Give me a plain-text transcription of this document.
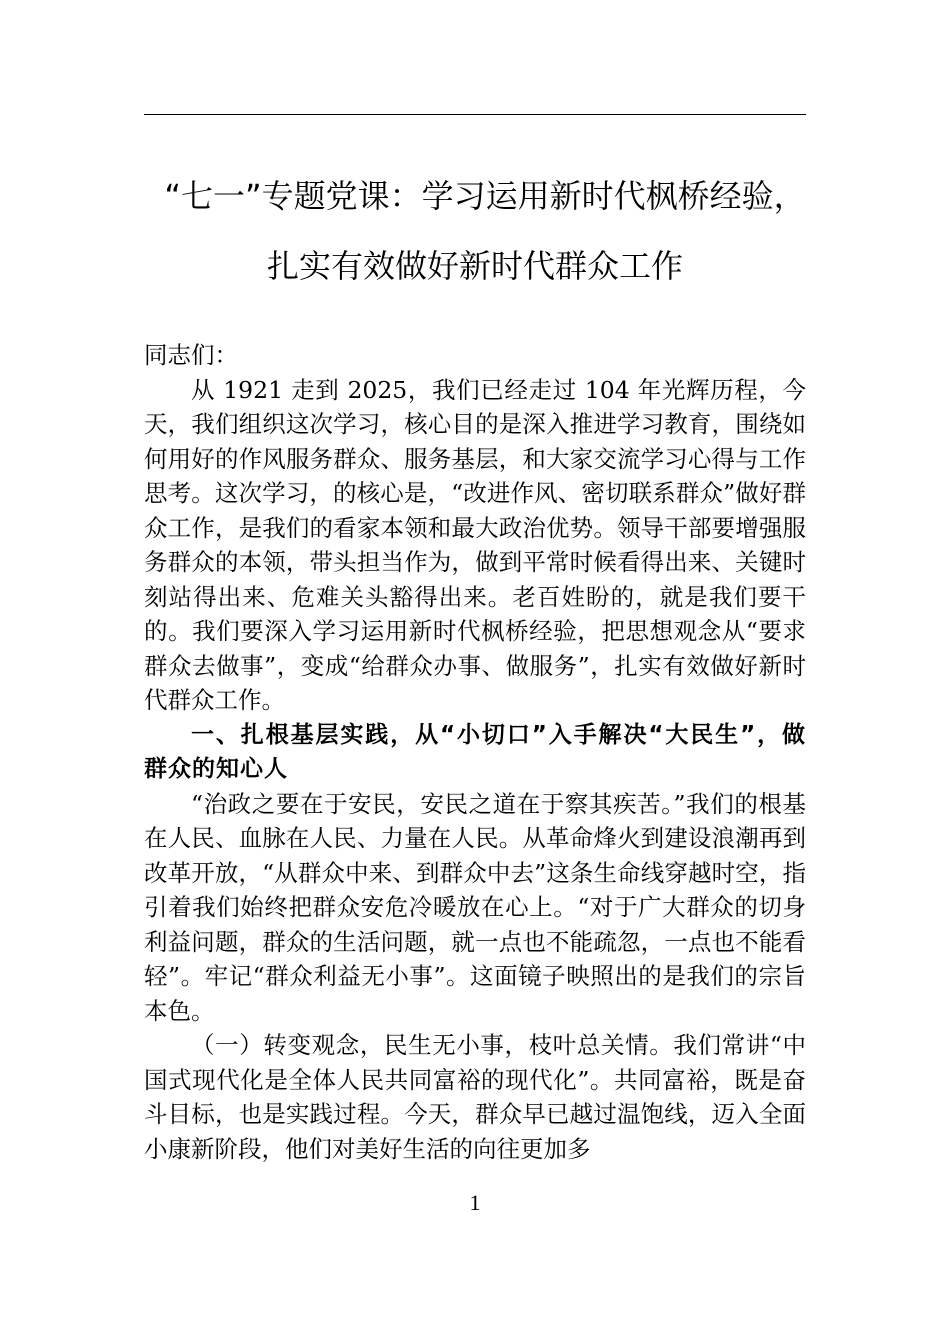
“七一”专题党课：学习运用新时代枫桥经验，
扎实有效做好新时代群众工作

同志们：

从 1921 走到 2025，我们已经走过 104 年光辉历程，今天，我们组织这次学习，核心目的是深入推进学习教育，围绕如何用好的作风服务群众、服务基层，和大家交流学习心得与工作思考。这次学习，的核心是，“改进作风、密切联系群众”做好群众工作，是我们的看家本领和最大政治优势。领导干部要增强服务群众的本领，带头担当作为，做到平常时候看得出来、关键时刻站得出来、危难关头豁得出来。老百姓盼的，就是我们要干的。我们要深入学习运用新时代枫桥经验，把思想观念从“要求群众去做事”，变成“给群众办事、做服务”，扎实有效做好新时代群众工作。

一、扎根基层实践，从“小切口”入手解决“大民生”，做群众的知心人

“治政之要在于安民，安民之道在于察其疾苦。”我们的根基在人民、血脉在人民、力量在人民。从革命烽火到建设浪潮再到改革开放，“从群众中来、到群众中去”这条生命线穿越时空，指引着我们始终把群众安危冷暖放在心上。“对于广大群众的切身利益问题，群众的生活问题，就一点也不能疏忽，一点也不能看轻”。牢记“群众利益无小事”。这面镜子映照出的是我们的宗旨本色。

（一）转变观念，民生无小事，枝叶总关情。我们常讲“中国式现代化是全体人民共同富裕的现代化”。共同富裕，既是奋斗目标，也是实践过程。今天，群众早已越过温饱线，迈入全面小康新阶段，他们对美好生活的向往更加多

1
